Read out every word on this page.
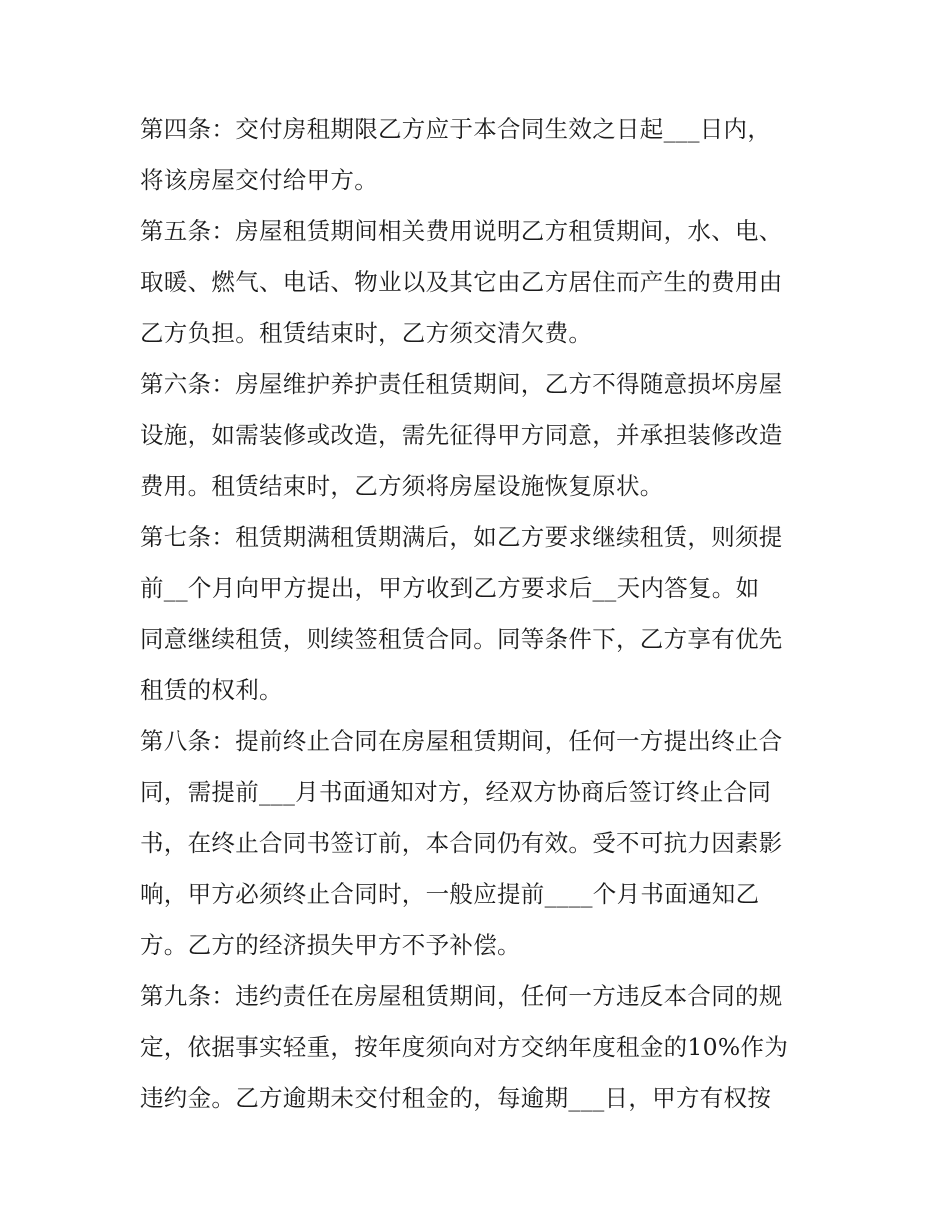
第四条：交付房租期限乙方应于本合同生效之日起___日内，
将该房屋交付给甲方。
第五条：房屋租赁期间相关费用说明乙方租赁期间，水、电、
取暖、燃气、电话、物业以及其它由乙方居住而产生的费用由
乙方负担。租赁结束时，乙方须交清欠费。
第六条：房屋维护养护责任租赁期间，乙方不得随意损坏房屋
设施，如需装修或改造，需先征得甲方同意，并承担装修改造
费用。租赁结束时，乙方须将房屋设施恢复原状。
第七条：租赁期满租赁期满后，如乙方要求继续租赁，则须提
前__个月向甲方提出，甲方收到乙方要求后__天内答复。如
同意继续租赁，则续签租赁合同。同等条件下，乙方享有优先
租赁的权利。
第八条：提前终止合同在房屋租赁期间，任何一方提出终止合
同，需提前___月书面通知对方，经双方协商后签订终止合同
书，在终止合同书签订前，本合同仍有效。受不可抗力因素影
响，甲方必须终止合同时，一般应提前____个月书面通知乙
方。乙方的经济损失甲方不予补偿。
第九条：违约责任在房屋租赁期间，任何一方违反本合同的规
定，依据事实轻重，按年度须向对方交纳年度租金的10%作为
违约金。乙方逾期未交付租金的，每逾期___日，甲方有权按
